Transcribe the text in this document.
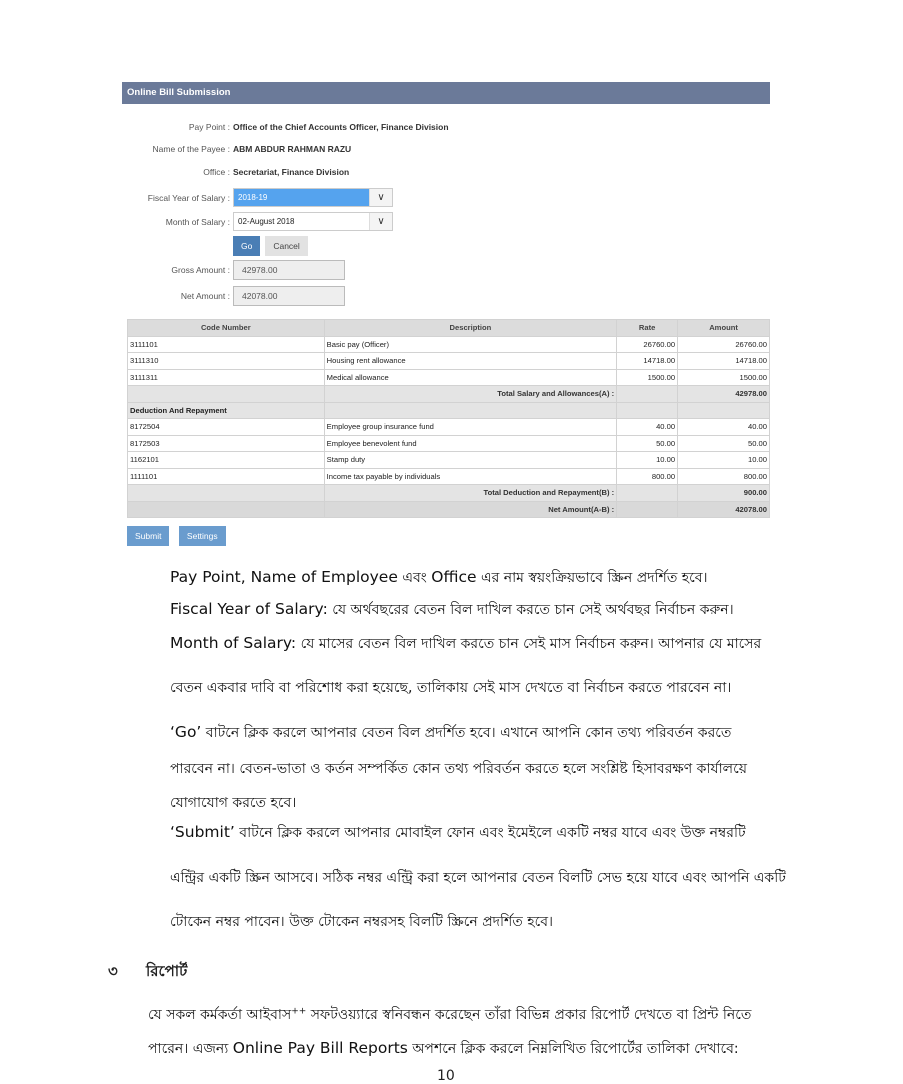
Online Bill Submission
Pay Point : Office of the Chief Accounts Officer, Finance Division
Name of the Payee : ABM ABDUR RAHMAN RAZU
Office : Secretariat, Finance Division
Fiscal Year of Salary :	2018-19	∨
Month of Salary :	02-August 2018	∨
Go	Cancel
Gross Amount :	42978.00
Net Amount :	42078.00
Code Number	Description	Rate	Amount
3111101	Basic pay (Officer)	26760.00	26760.00
3111310	Housing rent allowance	14718.00	14718.00
3111311	Medical allowance	1500.00	1500.00
	Total Salary and Allowances(A) :		42978.00
Deduction And Repayment			
8172504	Employee group insurance fund	40.00	40.00
8172503	Employee benevolent fund	50.00	50.00
1162101	Stamp duty	10.00	10.00
1111101	Income tax payable by individuals	800.00	800.00
	Total Deduction and Repayment(B) :		900.00
	Net Amount(A-B) :		42078.00
Submit	Settings
Pay Point, Name of Employee এবং Office এর নাম স্বয়ংক্রিয়ভাবে স্ক্রিন প্রদর্শিত হবে।
Fiscal Year of Salary: যে অর্থবছরের বেতন বিল দাখিল করতে চান সেই অর্থবছর নির্বাচন করুন।
Month of Salary: যে মাসের বেতন বিল দাখিল করতে চান সেই মাস নির্বাচন করুন। আপনার যে মাসের
বেতন একবার দাবি বা পরিশোধ করা হয়েছে, তালিকায় সেই মাস দেখতে বা নির্বাচন করতে পারবেন না।
‘Go’ বাটনে ক্লিক করলে আপনার বেতন বিল প্রদর্শিত হবে। এখানে আপনি কোন তথ্য পরিবর্তন করতে
পারবেন না। বেতন-ভাতা ও কর্তন সম্পর্কিত কোন তথ্য পরিবর্তন করতে হলে সংশ্লিষ্ট হিসাবরক্ষণ কার্যালয়ে
যোগাযোগ করতে হবে।
‘Submit’ বাটনে ক্লিক করলে আপনার মোবাইল ফোন এবং ইমেইলে একটি নম্বর যাবে এবং উক্ত নম্বরটি
এন্ট্রির একটি স্ক্রিন আসবে। সঠিক নম্বর এন্ট্রি করা হলে আপনার বেতন বিলটি সেভ হয়ে যাবে এবং আপনি একটি
টোকেন নম্বর পাবেন। উক্ত টোকেন নম্বরসহ বিলটি স্ক্রিনে প্রদর্শিত হবে।
৩ রিপোর্ট
যে সকল কর্মকর্তা আইবাস++ সফটওয়্যারে স্বনিবন্ধন করেছেন তাঁরা বিভিন্ন প্রকার রিপোর্ট দেখতে বা প্রিন্ট নিতে
পারেন। এজন্য Online Pay Bill Reports অপশনে ক্লিক করলে নিম্নলিখিত রিপোর্টের তালিকা দেখাবে:
10
